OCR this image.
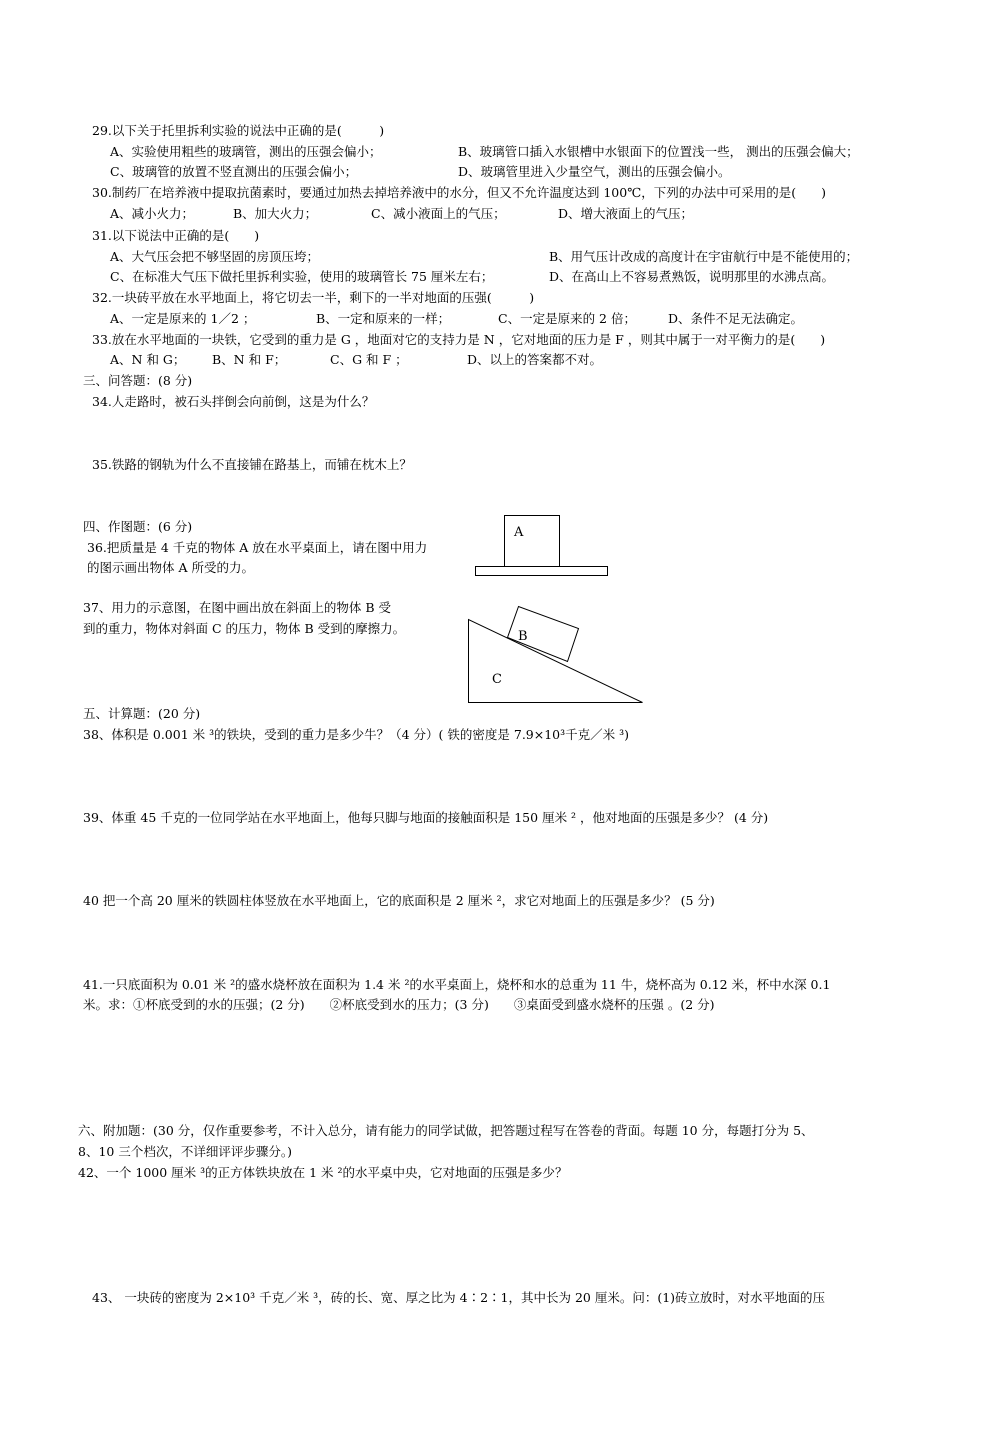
29.以下关于托里拆利实验的说法中正确的是(　　　)
A、实验使用粗些的玻璃管，测出的压强会偏小；	B、玻璃管口插入水银槽中水银面下的位置浅一些， 测出的压强会偏大；
C、玻璃管的放置不竖直测出的压强会偏小；	D、玻璃管里进入少量空气，测出的压强会偏小。
30.制药厂在培养液中提取抗菌素时，要通过加热去掉培养液中的水分，但又不允许温度达到 100℃，下列的办法中可采用的是(　　)
A、减小火力；	B、加大火力；	C、减小液面上的气压；	D、增大液面上的气压；
31.以下说法中正确的是(　　)
A、大气压会把不够坚固的房顶压垮；	B、用气压计改成的高度计在宇宙航行中是不能使用的；
C、在标准大气压下做托里拆利实验，使用的玻璃管长 75 厘米左右；	D、在高山上不容易煮熟饭，说明那里的水沸点高。
32.一块砖平放在水平地面上，将它切去一半，剩下的一半对地面的压强(　　　)
A、一定是原来的 1／2 ；	B、一定和原来的一样；	C、一定是原来的 2 倍；	D、条件不足无法确定。
33.放在水平地面的一块铁，它受到的重力是 G ，地面对它的支持力是 N ，它对地面的压力是 F ，则其中属于一对平衡力的是(　　)
A、N 和 G； B、N 和 F；	C、G 和 F ；	D、以上的答案都不对。
三、问答题：(8 分)
34.人走路时，被石头拌倒会向前倒，这是为什么？
35.铁路的钢轨为什么不直接铺在路基上，而铺在枕木上？
四、作图题：(6 分)
36.把质量是 4 千克的物体 A 放在水平桌面上，请在图中用力
的图示画出物体 A 所受的力。
A
37、用力的示意图，在图中画出放在斜面上的物体 B 受
到的重力，物体对斜面 C 的压力，物体 B 受到的摩擦力。
B
C
五、计算题：(20 分)
38、体积是 0.001 米 ³的铁块，受到的重力是多少牛？（4 分）( 铁的密度是 7.9×10³千克／米 ³)
39、体重 45 千克的一位同学站在水平地面上，他每只脚与地面的接触面积是 150 厘米 ² ，他对地面的压强是多少？ (4 分)
40 把一个高 20 厘米的铁圆柱体竖放在水平地面上，它的底面积是 2 厘米 ²，求它对地面上的压强是多少？ (5 分)
41.一只底面积为 0.01 米 ²的盛水烧杯放在面积为 1.4 米 ²的水平桌面上，烧杯和水的总重为 11 牛，烧杯高为 0.12 米，杯中水深 0.1
米。求：①杯底受到的水的压强；(2 分)　　②杯底受到水的压力；(3 分)　　③桌面受到盛水烧杯的压强 。(2 分)
六、附加题：(30 分，仅作重要参考，不计入总分，请有能力的同学试做，把答题过程写在答卷的背面。每题 10 分，每题打分为 5、
8、10 三个档次，不详细评评步骤分。)
42、一个 1000 厘米 ³的正方体铁块放在 1 米 ²的水平桌中央，它对地面的压强是多少？
43、 一块砖的密度为 2×10³ 千克／米 ³，砖的长、宽、厚之比为 4∶2∶1，其中长为 20 厘米。问：(1)砖立放时，对水平地面的压
